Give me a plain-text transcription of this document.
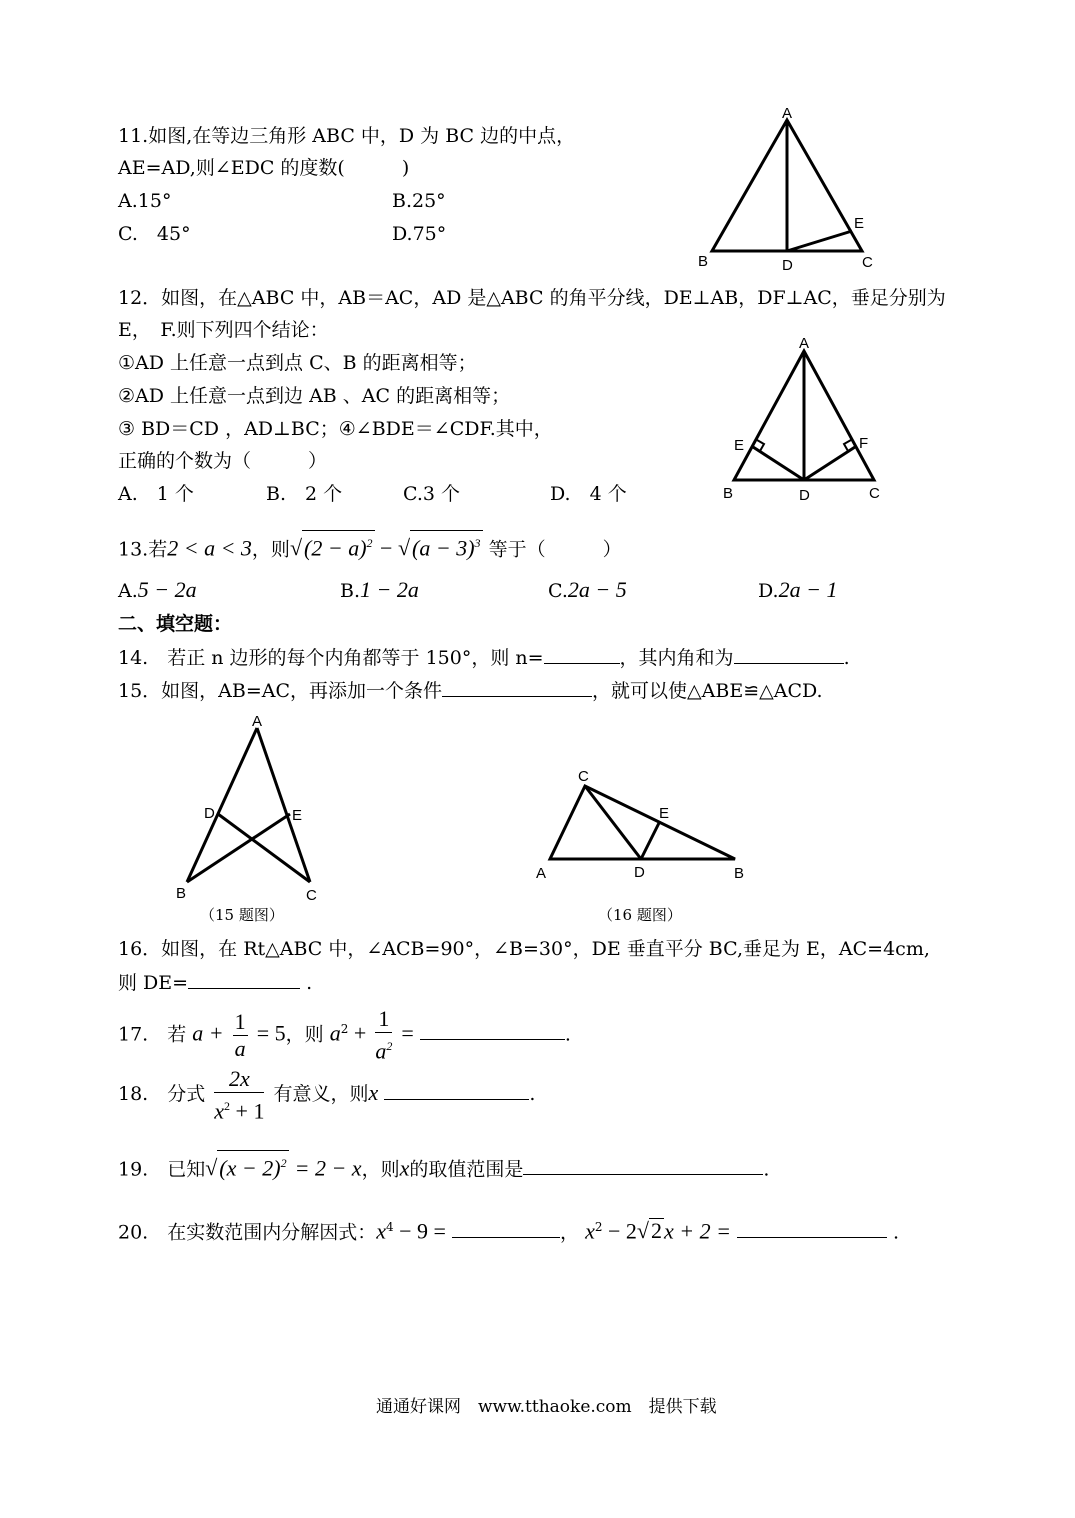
11.如图,在等边三角形 ABC 中，D 为 BC 边的中点，
AE=AD,则∠EDC 的度数(　　　)
A.15°	B.25°
C.　45°	D.75°
A
B	C
D
E
12．如图，在△ABC 中，AB＝AC，AD 是△ABC 的角平分线，DE⊥AB，DF⊥AC，垂足分别为
E，　F.则下列四个结论：
①AD 上任意一点到点 C、B 的距离相等；
②AD 上任意一点到边 AB 、AC 的距离相等；
③ BD＝CD ，AD⊥BC；④∠BDE＝∠CDF.其中，
正确的个数为（　　　）
A.　1 个	B.　2 个	C.3 个	D.　4 个
A
B	C
D
E	F
13.若2 < a < 3，则$√(2 - a)^2 - √(a - 3)^3$ 等于（　　　）
A.5 − 2a	B.1 − 2a	C.2a − 5	D.2a − 1
二、填空题：
14.　若正 n 边形的每个内角都等于 150°，则 n=	，其内角和为	.
15．如图，AB=AC，再添加一个条件	，就可以使△ABE≌△ACD.
A
B	C
D	E
（15 题图）
C
A	B
D
E
（16 题图）
16．如图，在 Rt△ABC 中，∠ACB=90°，∠B=30°，DE 垂直平分 BC,垂足为 E，AC=4cm,
则 DE=	.
17.　若 $a + \frac{1}{a} = 5$，则 $a^2 + \frac{1}{a^2}$ =	.
18.　分式 $\frac{2x}{x^2 + 1}$ 有意义，则x	.
19.　已知$√(x - 2)^2 = 2 - x$，则x的取值范围是	.
20.　在实数范围内分解因式：$x^4 - 9$ =	， $x^2 - 2√2x + 2$ =	.
通通好课网　www.tthaoke.com　提供下载
